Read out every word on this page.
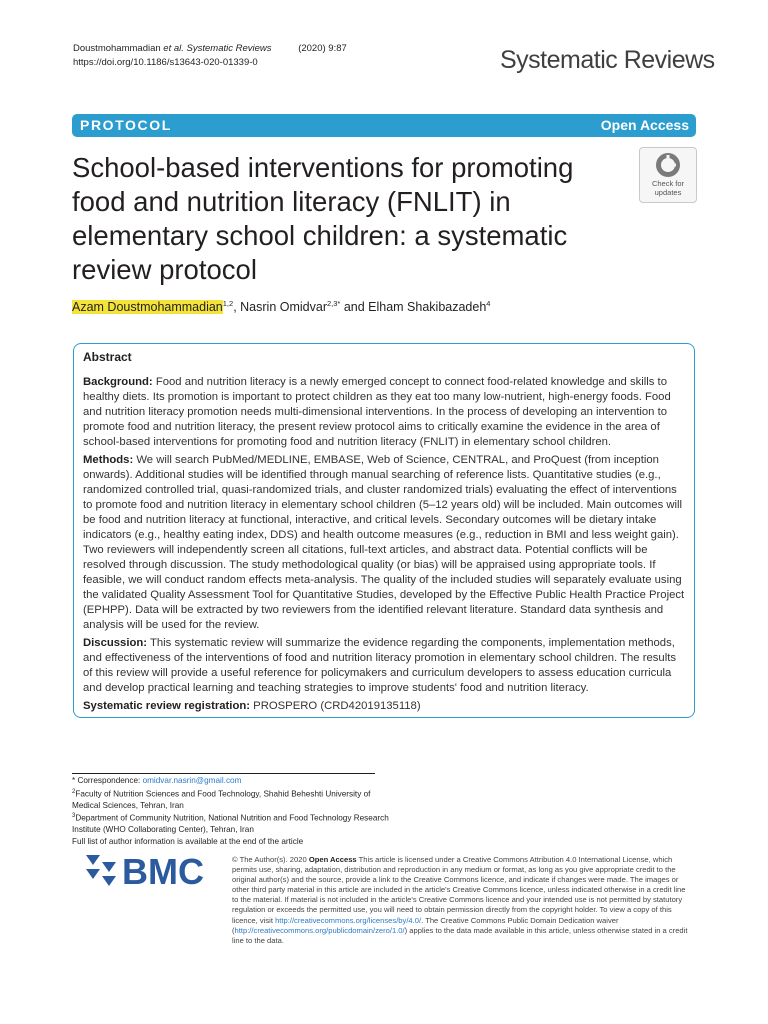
Doustmohammadian et al. Systematic Reviews	(2020) 9:87
https://doi.org/10.1186/s13643-020-01339-0	Systematic Reviews
PROTOCOL	Open Access
School-based interventions for promoting food and nutrition literacy (FNLIT) in elementary school children: a systematic review protocol
Check for
updates
Azam Doustmohammadian$^{1,2}$, Nasrin Omidvar$^{2,3*}$ and Elham Shakibazadeh$^4$
Abstract

Background: Food and nutrition literacy is a newly emerged concept to connect food-related knowledge and skills to healthy diets. Its promotion is important to protect children as they eat too many low-nutrient, high-energy foods. Food and nutrition literacy promotion needs multi-dimensional interventions. In the process of developing an intervention to promote food and nutrition literacy, the present review protocol aims to critically examine the evidence in the area of school-based interventions for promoting food and nutrition literacy (FNLIT) in elementary school children.

Methods: We will search PubMed/MEDLINE, EMBASE, Web of Science, CENTRAL, and ProQuest (from inception onwards). Additional studies will be identified through manual searching of reference lists. Quantitative studies (e.g., randomized controlled trial, quasi-randomized trials, and cluster randomized trials) evaluating the effect of interventions to promote food and nutrition literacy in elementary school children (5–12 years old) will be included. Main outcomes will be food and nutrition literacy at functional, interactive, and critical levels. Secondary outcomes will be dietary intake indicators (e.g., healthy eating index, DDS) and health outcome measures (e.g., reduction in BMI and less weight gain). Two reviewers will independently screen all citations, full-text articles, and abstract data. Potential conflicts will be resolved through discussion. The study methodological quality (or bias) will be appraised using appropriate tools. If feasible, we will conduct random effects meta-analysis. The quality of the included studies will separately evaluate using the validated Quality Assessment Tool for Quantitative Studies, developed by the Effective Public Health Practice Project (EPHPP). Data will be extracted by two reviewers from the identified relevant literature. Standard data synthesis and analysis will be used for the review.

Discussion: This systematic review will summarize the evidence regarding the components, implementation methods, and effectiveness of the interventions of food and nutrition literacy promotion in elementary school children. The results of this review will provide a useful reference for policymakers and curriculum developers to assess education curricula and develop practical learning and teaching strategies to improve students' food and nutrition literacy.

Systematic review registration: PROSPERO (CRD42019135118)

* Correspondence: omidvar.nasrin@gmail.com
$^2$Faculty of Nutrition Sciences and Food Technology, Shahid Beheshti University of Medical Sciences, Tehran, Iran
$^3$Department of Community Nutrition, National Nutrition and Food Technology Research Institute (WHO Collaborating Center), Tehran, Iran
Full list of author information is available at the end of the article
BMC	© The Author(s). 2020 Open Access This article is licensed under a Creative Commons Attribution 4.0 International License, which permits use, sharing, adaptation, distribution and reproduction in any medium or format, as long as you give appropriate credit to the original author(s) and the source, provide a link to the Creative Commons licence, and indicate if changes were made. The images or other third party material in this article are included in the article's Creative Commons licence, unless indicated otherwise in a credit line to the material. If material is not included in the article's Creative Commons licence and your intended use is not permitted by statutory regulation or exceeds the permitted use, you will need to obtain permission directly from the copyright holder. To view a copy of this licence, visit http://creativecommons.org/licenses/by/4.0/. The Creative Commons Public Domain Dedication waiver (http://creativecommons.org/publicdomain/zero/1.0/) applies to the data made available in this article, unless otherwise stated in a credit line to the data.
